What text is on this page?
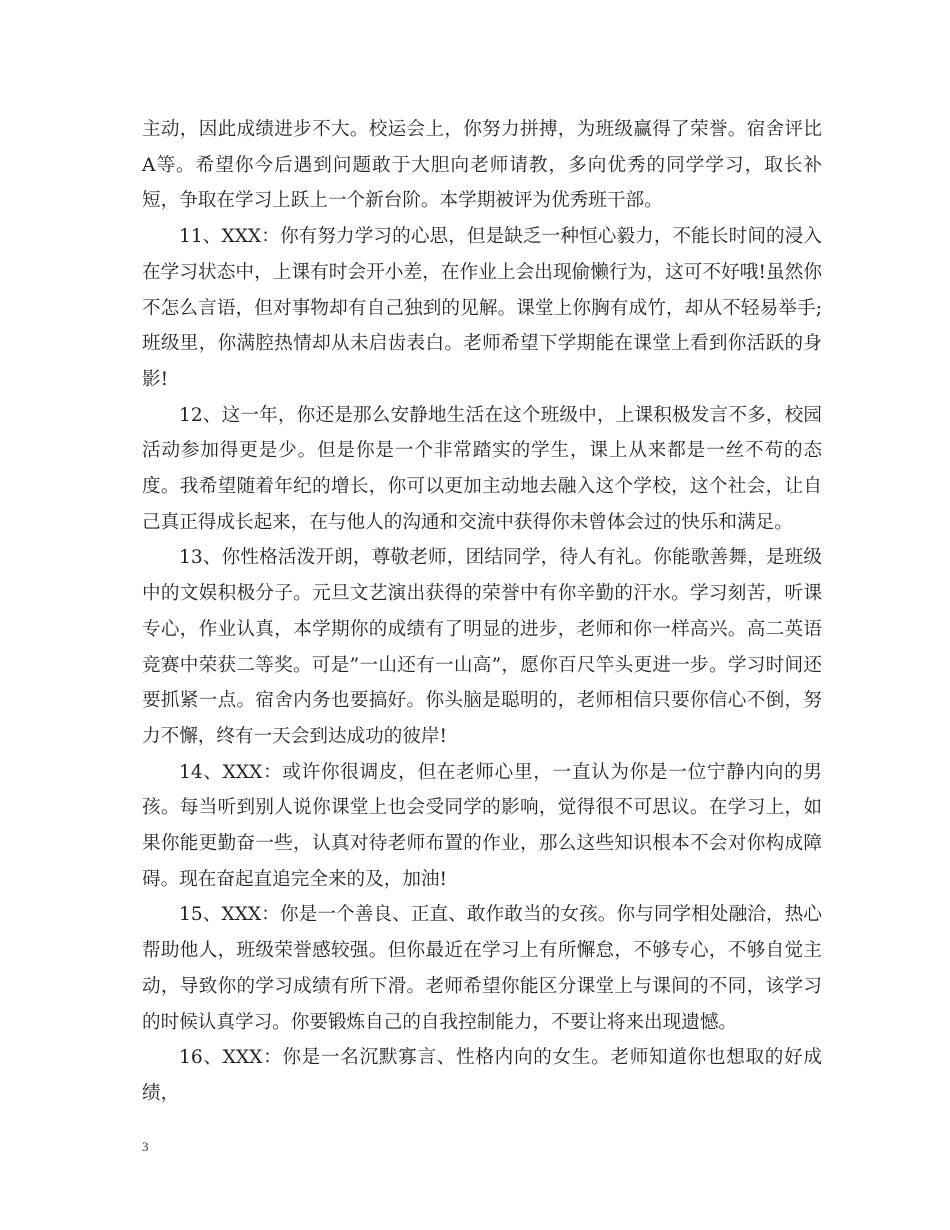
主动，因此成绩进步不大。校运会上，你努力拼搏，为班级赢得了荣誉。宿舍评比A等。希望你今后遇到问题敢于大胆向老师请教，多向优秀的同学学习，取长补短，争取在学习上跃上一个新台阶。本学期被评为优秀班干部。

11、XXX：你有努力学习的心思，但是缺乏一种恒心毅力，不能长时间的浸入在学习状态中，上课有时会开小差，在作业上会出现偷懒行为，这可不好哦!虽然你不怎么言语，但对事物却有自己独到的见解。课堂上你胸有成竹，却从不轻易举手;班级里，你满腔热情却从未启齿表白。老师希望下学期能在课堂上看到你活跃的身影!

12、这一年，你还是那么安静地生活在这个班级中，上课积极发言不多，校园活动参加得更是少。但是你是一个非常踏实的学生，课上从来都是一丝不苟的态度。我希望随着年纪的增长，你可以更加主动地去融入这个学校，这个社会，让自己真正得成长起来，在与他人的沟通和交流中获得你未曾体会过的快乐和满足。

13、你性格活泼开朗，尊敬老师，团结同学，待人有礼。你能歌善舞，是班级中的文娱积极分子。元旦文艺演出获得的荣誉中有你辛勤的汗水。学习刻苦，听课专心，作业认真，本学期你的成绩有了明显的进步，老师和你一样高兴。高二英语竞赛中荣获二等奖。可是”一山还有一山高”，愿你百尺竿头更进一步。学习时间还要抓紧一点。宿舍内务也要搞好。你头脑是聪明的，老师相信只要你信心不倒，努力不懈，终有一天会到达成功的彼岸!

14、XXX：或许你很调皮，但在老师心里，一直认为你是一位宁静内向的男孩。每当听到别人说你课堂上也会受同学的影响，觉得很不可思议。在学习上，如果你能更勤奋一些，认真对待老师布置的作业，那么这些知识根本不会对你构成障碍。现在奋起直追完全来的及，加油!

15、XXX：你是一个善良、正直、敢作敢当的女孩。你与同学相处融洽，热心帮助他人，班级荣誉感较强。但你最近在学习上有所懈怠，不够专心，不够自觉主动，导致你的学习成绩有所下滑。老师希望你能区分课堂上与课间的不同，该学习的时候认真学习。你要锻炼自己的自我控制能力，不要让将来出现遗憾。

16、XXX：你是一名沉默寡言、性格内向的女生。老师知道你也想取的好成绩，

3
